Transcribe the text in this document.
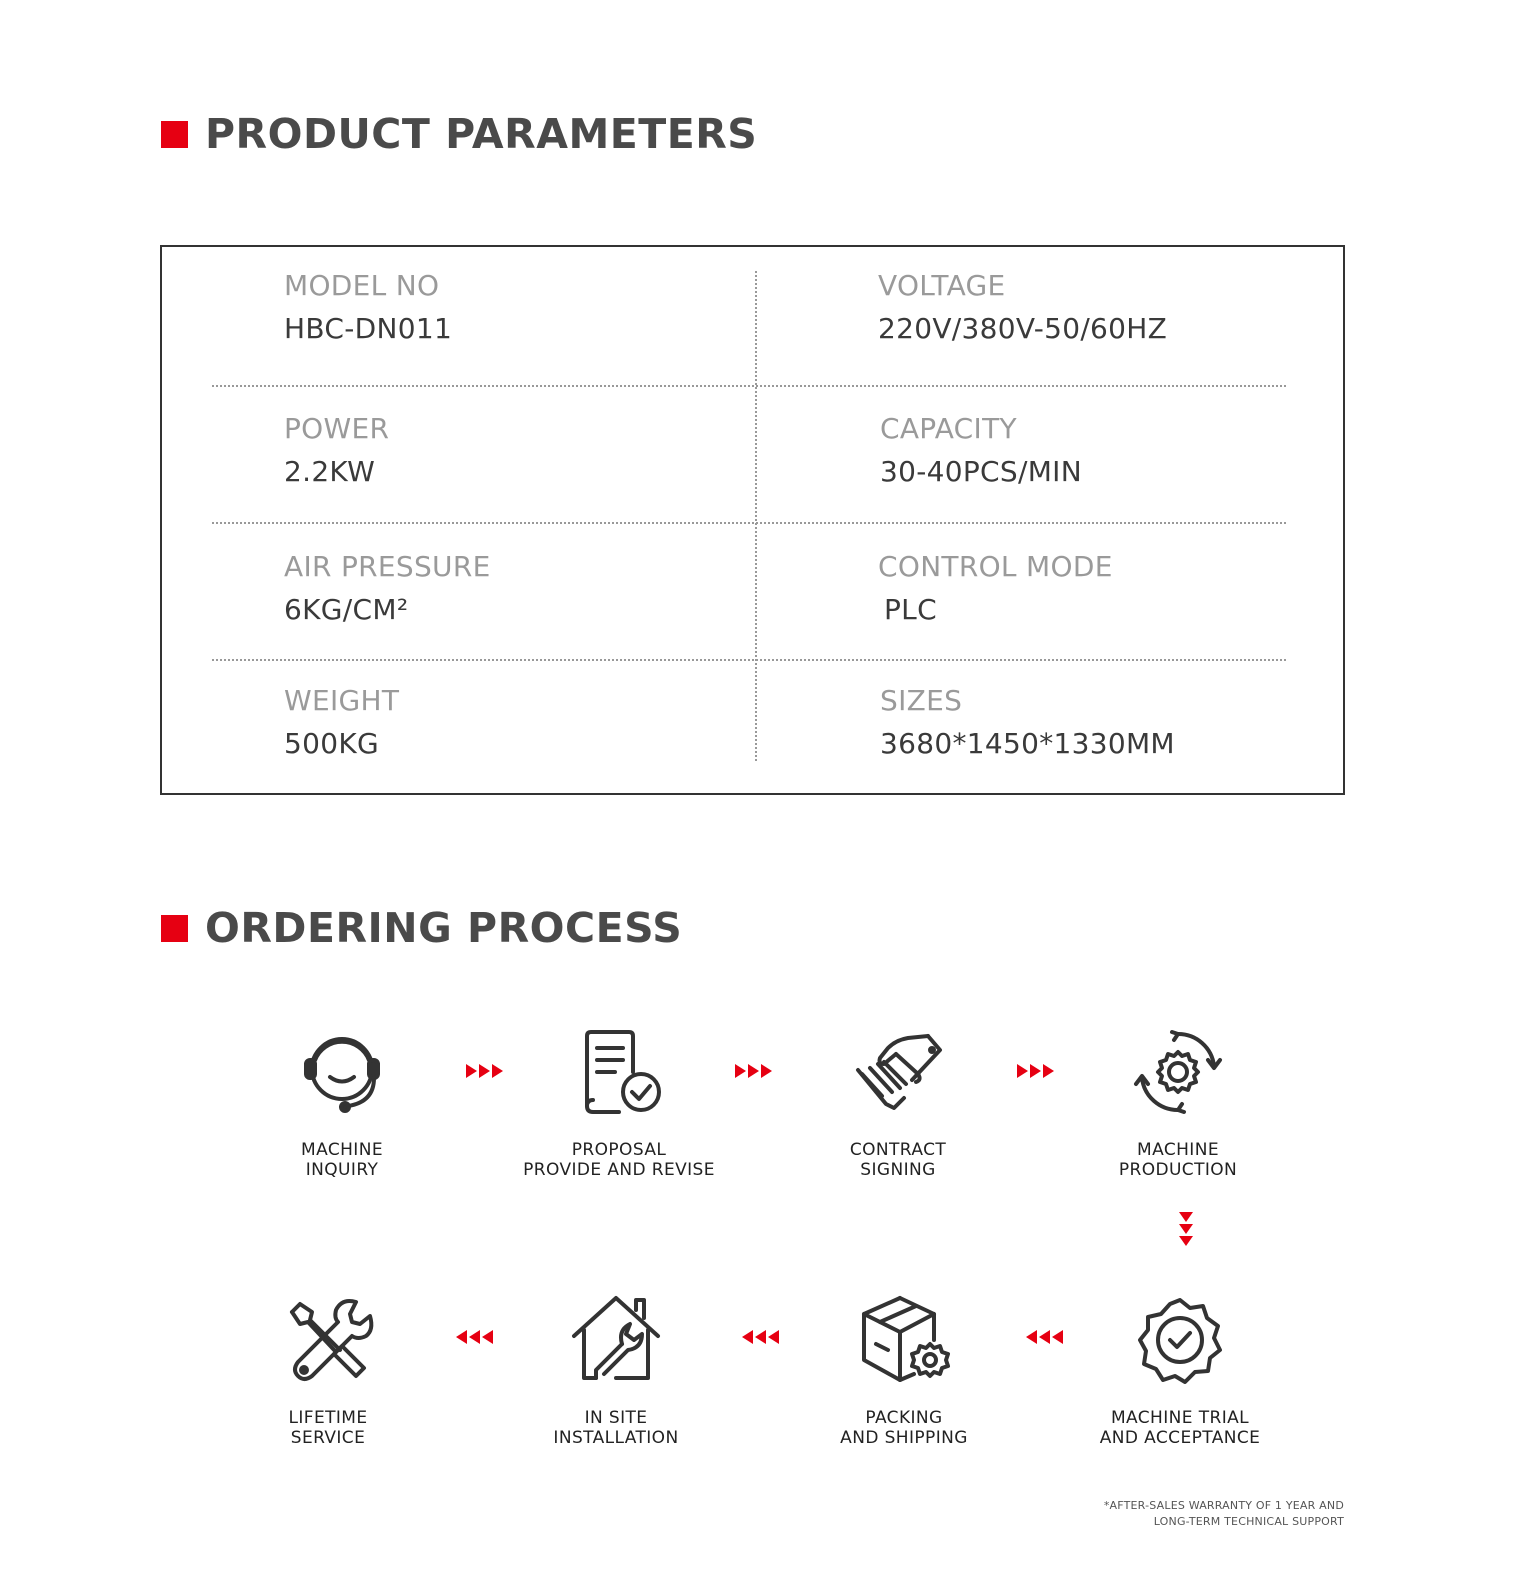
PRODUCT PARAMETERS
MODEL NO
HBC-DN011
VOLTAGE
220V/380V-50/60HZ
POWER
2.2KW
CAPACITY
30-40PCS/MIN
AIR PRESSURE
6KG/CM²
CONTROL MODE
PLC
WEIGHT
500KG
SIZES
3680*1450*1330MM
ORDERING PROCESS
MACHINE
INQUIRY
PROPOSAL
PROVIDE AND REVISE
CONTRACT
SIGNING
MACHINE
PRODUCTION
MACHINE TRIAL
AND ACCEPTANCE
PACKING
AND SHIPPING
IN SITE
INSTALLATION
LIFETIME
SERVICE
*AFTER-SALES WARRANTY OF 1 YEAR AND
LONG-TERM TECHNICAL SUPPORT
